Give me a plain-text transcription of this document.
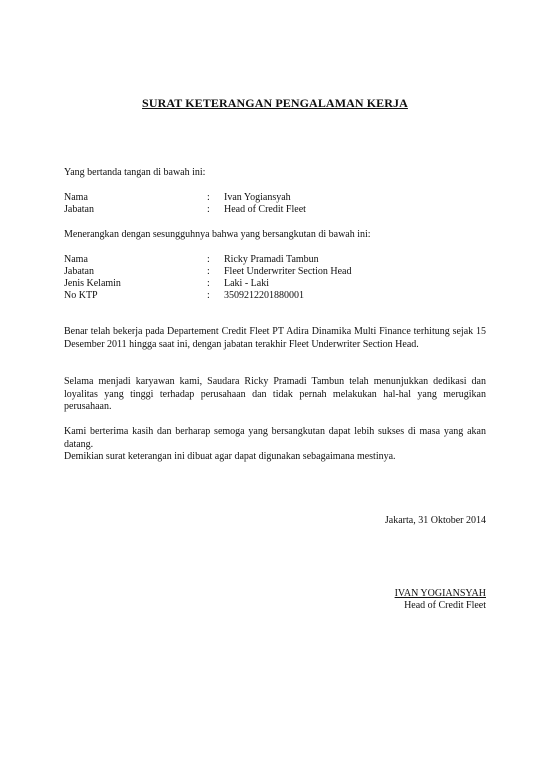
SURAT KETERANGAN PENGALAMAN KERJA
Yang bertanda tangan di bawah ini:
Nama	: Ivan Yogiansyah
Jabatan	: Head of Credit Fleet
Menerangkan dengan sesungguhnya bahwa yang bersangkutan di bawah ini:
Nama	: Ricky Pramadi Tambun
Jabatan	: Fleet Underwriter Section Head
Jenis Kelamin	: Laki - Laki
No KTP	: 3509212201880001
Benar telah bekerja pada Departement Credit Fleet PT Adira Dinamika Multi Finance terhitung sejak 15 Desember 2011 hingga saat ini, dengan jabatan terakhir Fleet Underwriter Section Head.
Selama menjadi karyawan kami, Saudara Ricky Pramadi Tambun telah menunjukkan dedikasi dan loyalitas yang tinggi terhadap perusahaan dan tidak pernah melakukan hal-hal yang merugikan perusahaan.
Kami berterima kasih dan berharap semoga yang bersangkutan dapat lebih sukses di masa yang akan datang.
Demikian surat keterangan ini dibuat agar dapat digunakan sebagaimana mestinya.
Jakarta, 31 Oktober 2014
IVAN YOGIANSYAH
Head of Credit Fleet
